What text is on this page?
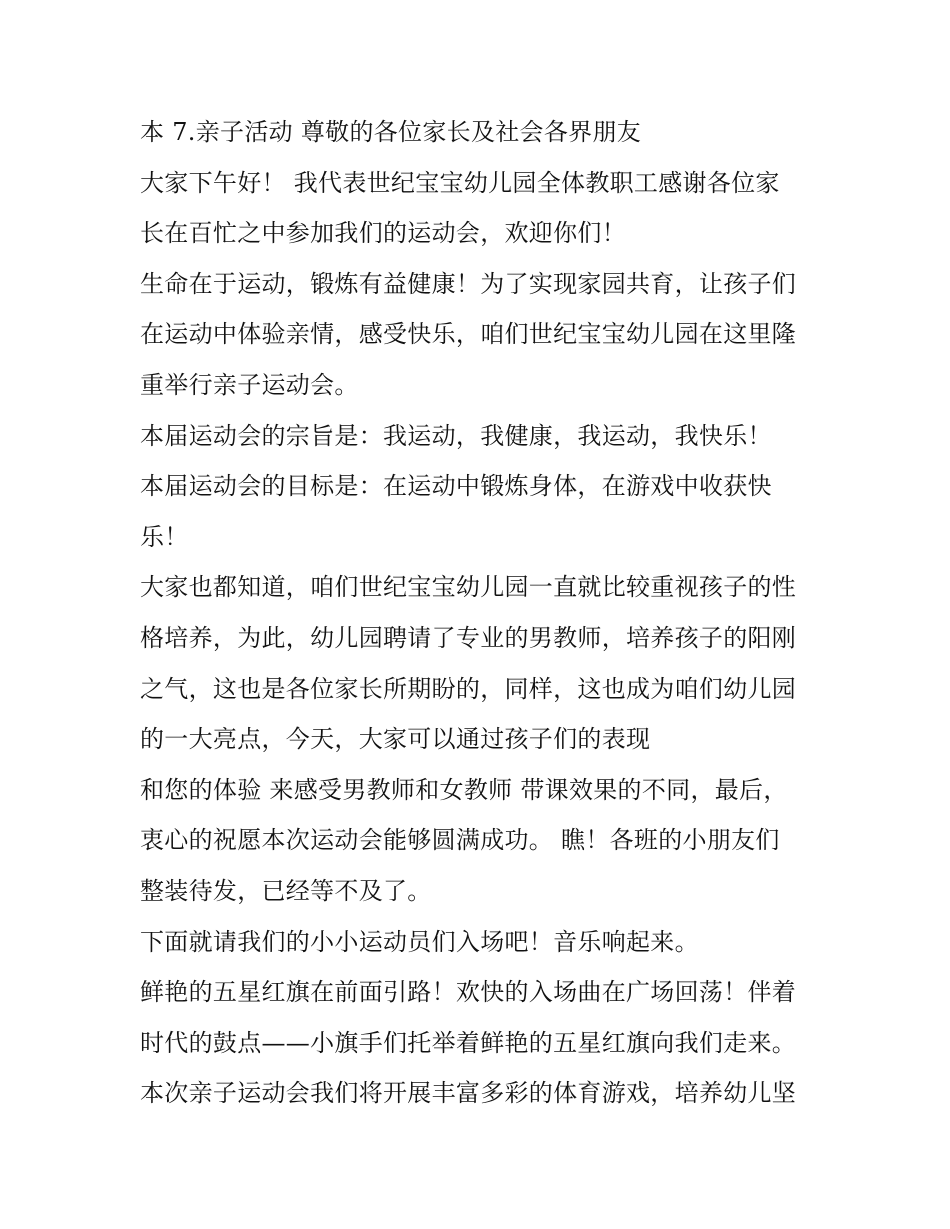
本 7.亲子活动 尊敬的各位家长及社会各界朋友
大家下午好！ 我代表世纪宝宝幼儿园全体教职工感谢各位家
长在百忙之中参加我们的运动会，欢迎你们！
生命在于运动，锻炼有益健康！为了实现家园共育，让孩子们
在运动中体验亲情，感受快乐，咱们世纪宝宝幼儿园在这里隆
重举行亲子运动会。
本届运动会的宗旨是：我运动，我健康，我运动，我快乐！
本届运动会的目标是：在运动中锻炼身体，在游戏中收获快
乐！
大家也都知道，咱们世纪宝宝幼儿园一直就比较重视孩子的性
格培养，为此，幼儿园聘请了专业的男教师，培养孩子的阳刚
之气，这也是各位家长所期盼的，同样，这也成为咱们幼儿园
的一大亮点，今天，大家可以通过孩子们的表现
和您的体验 来感受男教师和女教师 带课效果的不同，最后，
衷心的祝愿本次运动会能够圆满成功。 瞧！各班的小朋友们
整装待发，已经等不及了。
下面就请我们的小小运动员们入场吧！音乐响起来。
鲜艳的五星红旗在前面引路！欢快的入场曲在广场回荡！伴着
时代的鼓点——小旗手们托举着鲜艳的五星红旗向我们走来。
本次亲子运动会我们将开展丰富多彩的体育游戏，培养幼儿坚
